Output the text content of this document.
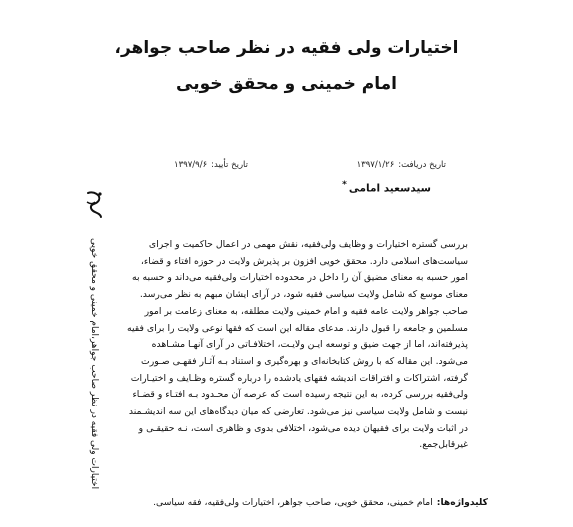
اختیارات ولی فقیه در نظر صاحب جواهر،
امام خمینی و محقق خویی
تاریخ دریافت:۱۳۹۷/۱/۲۶
تاریخ تأیید:۱۳۹۷/۹/۶
سیدسعید امامی*
اختیارات ولی فقیه در نظر صاحب جواهر،امام خمینی و محقق خویی	بررسی گستره اختیارات و وظایف ولی‌فقیه، نقش مهمی در اعمال حاکمیت و اجرای

سیاست‌های اسلامی دارد. محقق خویی افزون بر پذیرش ولایت در حوزه افتاء و قضاء،

امور حسبه به معنای مضیق آن را داخل در محدوده اختیارات ولی‌فقیه می‌داند و حسبه به

معنای موسع که شامل ولایت سیاسی فقیه شود، در آرای ایشان مبهم به نظر می‌رسد.

صاحب جواهر ولایت عامه فقیه و امام خمینی ولایت مطلقه، به معنای زعامت بر امور

مسلمین و جامعه را قبول دارند. مدعای مقاله این است که فقها نوعی ولایت را برای فقیه

پذیرفته‌اند، اما از جهت ضیق و توسعه ایـن ولایـت، اختلافـاتی در آرای آنهـا مشـاهده

می‌شود. این مقاله که با روش کتابخانه‌ای و بهره‌گیری و استناد بـه آثـار فقهـی صـورت

گرفته، اشتراکات و افتراقات اندیشه فقهای یادشده را درباره گستره وظـایف و اختیـارات

ولی‌فقیه بررسی کرده، به این نتیجه رسیده است که عرصه آن محـدود بـه افتـاء و قضـاء

نیست و شامل ولایت سیاسی نیز می‌شود. تعارضی که میان دیدگاه‌های این سه اندیشـمند

در اثبات ولایت برای فقیهان دیده می‌شود، اختلافی بدوی و ظاهری است، نـه حقیقـی و

غیرقابل‌جمع.

کلیدواژه‌ها:امام خمینی، محقق خویی، صاحب جواهر، اختیارات ولی‌فقیه، فقه سیاسی.
